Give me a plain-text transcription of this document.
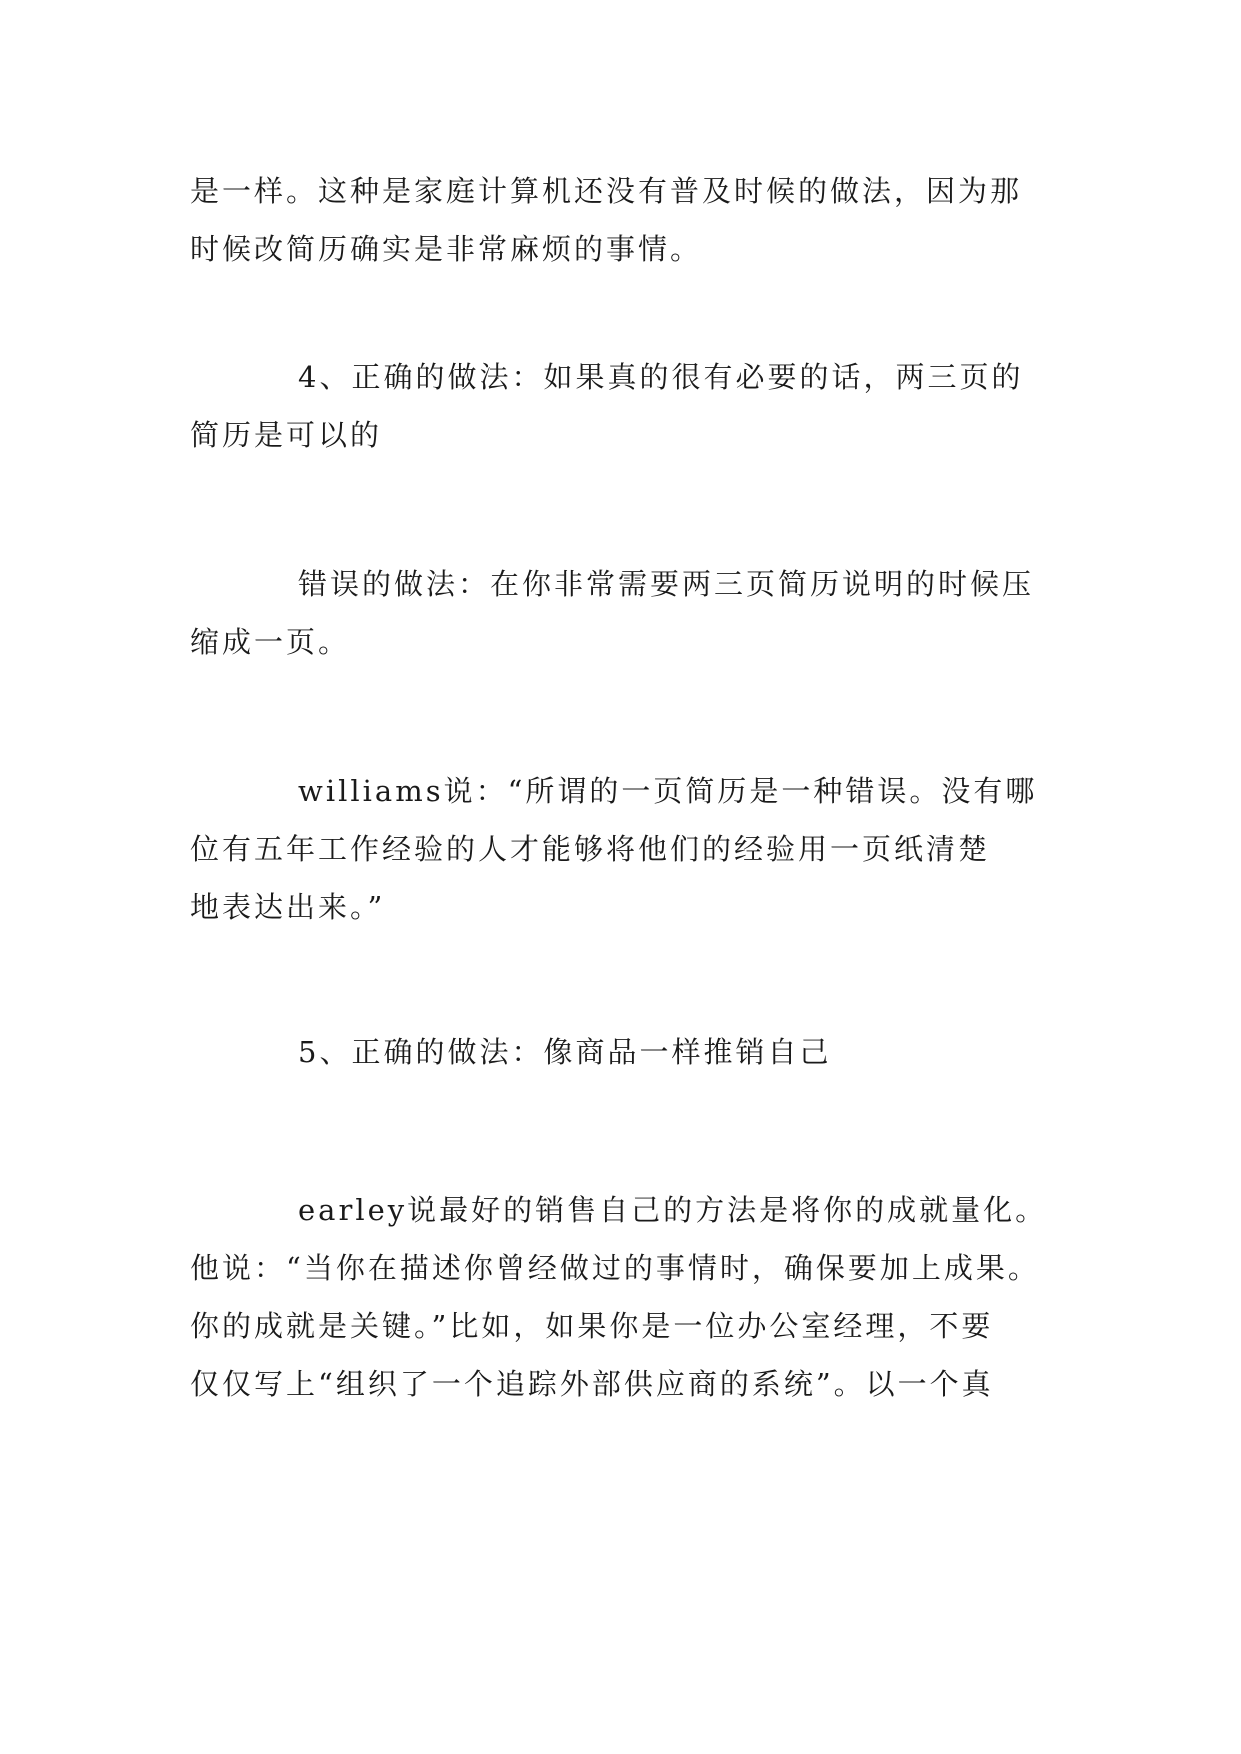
是一样。这种是家庭计算机还没有普及时候的做法，因为那
时候改简历确实是非常麻烦的事情。

4、正确的做法：如果真的很有必要的话，两三页的
简历是可以的

错误的做法：在你非常需要两三页简历说明的时候压
缩成一页。

williams说：“所谓的一页简历是一种错误。没有哪
位有五年工作经验的人才能够将他们的经验用一页纸清楚
地表达出来。”

5、正确的做法：像商品一样推销自己

earley说最好的销售自己的方法是将你的成就量化。
他说：“当你在描述你曾经做过的事情时，确保要加上成果。
你的成就是关键。”比如，如果你是一位办公室经理，不要
仅仅写上“组织了一个追踪外部供应商的系统”。以一个真
